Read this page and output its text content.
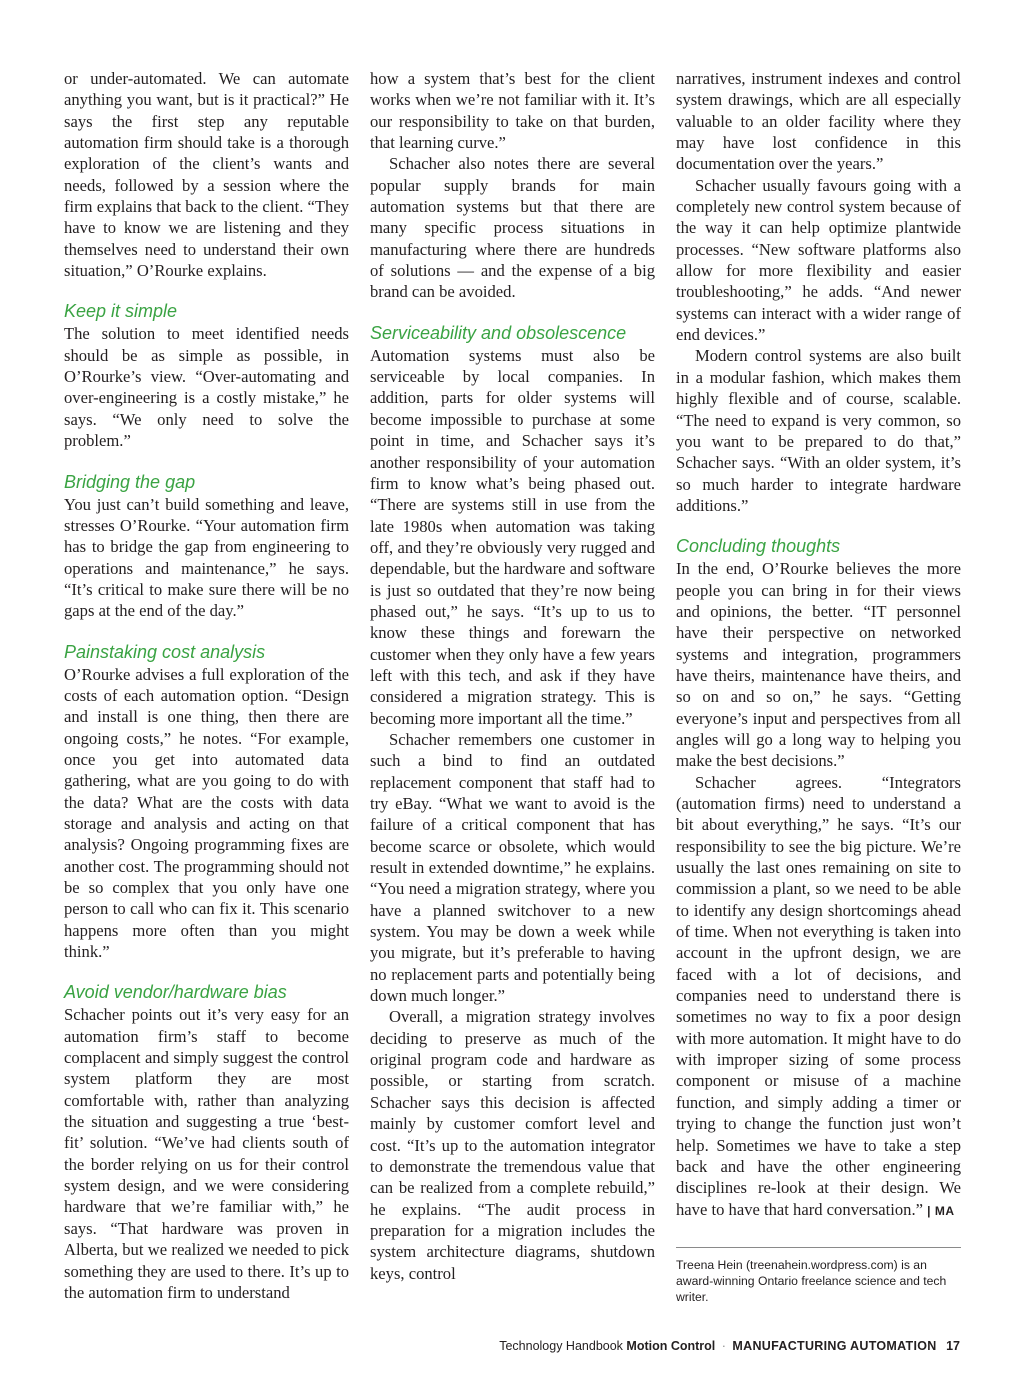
or under-automated. We can automate anything you want, but is it practical?” He says the first step any reputable automation firm should take is a thorough exploration of the client’s wants and needs, followed by a session where the firm explains that back to the client. “They have to know we are listening and they themselves need to understand their own situation,” O’Rourke explains.

Keep it simple

The solution to meet identified needs should be as simple as possible, in O’Rourke’s view. “Over-automating and over-engineering is a costly mistake,” he says. “We only need to solve the problem.”

Bridging the gap

You just can’t build something and leave, stresses O’Rourke. “Your automation firm has to bridge the gap from engineering to operations and maintenance,” he says. “It’s critical to make sure there will be no gaps at the end of the day.”

Painstaking cost analysis

O’Rourke advises a full exploration of the costs of each automation option. “Design and install is one thing, then there are ongoing costs,” he notes. “For example, once you get into automated data gathering, what are you going to do with the data? What are the costs with data storage and analysis and acting on that analysis? Ongoing programming fixes are another cost. The programming should not be so complex that you only have one person to call who can fix it. This scenario happens more often than you might think.”

Avoid vendor/hardware bias

Schacher points out it’s very easy for an automation firm’s staff to become complacent and simply suggest the control system platform they are most comfortable with, rather than analyzing the situation and suggesting a true ‘best-fit’ solution. “We’ve had clients south of the border relying on us for their control system design, and we were considering hardware that we’re familiar with,” he says. “That hardware was proven in Alberta, but we realized we needed to pick something they are used to there. It’s up to the automation firm to understand

how a system that’s best for the client works when we’re not familiar with it. It’s our responsibility to take on that burden, that learning curve.”

Schacher also notes there are several popular supply brands for main automation systems but that there are many specific process situations in manufacturing where there are hundreds of solutions — and the expense of a big brand can be avoided.

Serviceability and obsolescence

Automation systems must also be serviceable by local companies. In addition, parts for older systems will become impossible to purchase at some point in time, and Schacher says it’s another responsibility of your automation firm to know what’s being phased out. “There are systems still in use from the late 1980s when automation was taking off, and they’re obviously very rugged and dependable, but the hardware and software is just so outdated that they’re now being phased out,” he says. “It’s up to us to know these things and forewarn the customer when they only have a few years left with this tech, and ask if they have considered a migration strategy. This is becoming more important all the time.”

Schacher remembers one customer in such a bind to find an outdated replacement component that staff had to try eBay. “What we want to avoid is the failure of a critical component that has become scarce or obsolete, which would result in extended downtime,” he explains. “You need a migration strategy, where you have a planned switchover to a new system. You may be down a week while you migrate, but it’s preferable to having no replacement parts and potentially being down much longer.”

Overall, a migration strategy involves deciding to preserve as much of the original program code and hardware as possible, or starting from scratch. Schacher says this decision is affected mainly by customer comfort level and cost. “It’s up to the automation integrator to demonstrate the tremendous value that can be realized from a complete rebuild,” he explains. “The audit process in preparation for a migration includes the system architecture diagrams, shutdown keys, control

narratives, instrument indexes and control system drawings, which are all especially valuable to an older facility where they may have lost confidence in this documentation over the years.”

Schacher usually favours going with a completely new control system because of the way it can help optimize plantwide processes. “New software platforms also allow for more flexibility and easier troubleshooting,” he adds. “And newer systems can interact with a wider range of end devices.”

Modern control systems are also built in a modular fashion, which makes them highly flexible and of course, scalable. “The need to expand is very common, so you want to be prepared to do that,” Schacher says. “With an older system, it’s so much harder to integrate hardware additions.”

Concluding thoughts

In the end, O’Rourke believes the more people you can bring in for their views and opinions, the better. “IT personnel have their perspective on networked systems and integration, programmers have theirs, maintenance have theirs, and so on and so on,” he says. “Getting everyone’s input and perspectives from all angles will go a long way to helping you make the best decisions.”

Schacher agrees. “Integrators (automation firms) need to understand a bit about everything,” he says. “It’s our responsibility to see the big picture. We’re usually the last ones remaining on site to commission a plant, so we need to be able to identify any design shortcomings ahead of time. When not everything is taken into account in the upfront design, we are faced with a lot of decisions, and companies need to understand there is sometimes no way to fix a poor design with more automation. It might have to do with improper sizing of some process component or misuse of a machine function, and simply adding a timer or trying to change the function just won’t help. Sometimes we have to take a step back and have the other engineering disciplines re-look at their design. We have to have that hard conversation.” | MA

Treena Hein (treenahein.wordpress.com) is an award-winning Ontario freelance science and tech writer.
Technology Handbook Motion Control · MANUFACTURING AUTOMATION 17
